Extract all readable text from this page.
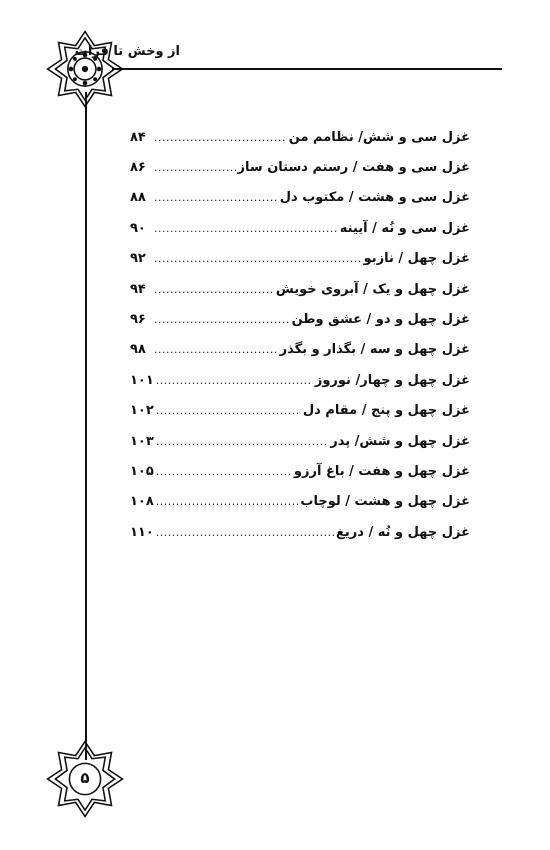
از وخش تا فرات
۵
غزل سی و شش/ نظامم من
.....
۸۴
غزل سی و هفت / رستم دستان ساز
.....
۸۶
غزل سی و هشت / مکتوب دل
.....
۸۸
غزل سی و نُه / آیینه
.....
۹۰
غزل چهل / نازبو
.....
۹۲
غزل چهل و یک / آبروی خویش
.....
۹۴
غزل چهل و دو / عشق وطن
.....
۹۶
غزل چهل و سه / بگذار و بگذر
.....
۹۸
غزل چهل و چهار/ نوروز
.....
۱۰۱
غزل چهل و پنج / مقام دل
.....
۱۰۲
غزل چهل و شش/ پدر
.....
۱۰۳
غزل چهل و هفت / باغ آرزو
.....
۱۰۵
غزل چهل و هشت / لوچاب
.....
۱۰۸
غزل چهل و نُه / دریغ
.....
۱۱۰
